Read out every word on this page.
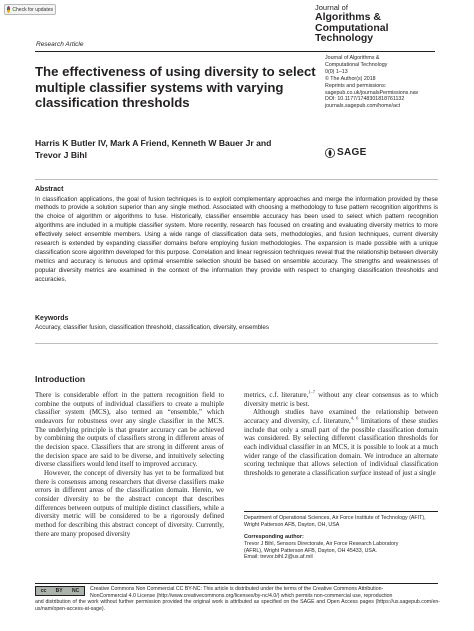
Check for updates	Journal of
Algorithms &
Computational
Technology
Research Article
The effectiveness of using diversity to select multiple classifier systems with varying classification thresholds
Journal of Algorithms &
Computational Technology
0(0) 1–13
© The Author(s) 2018
Reprints and permissions:
sagepub.co.uk/journalsPermissions.nav
DOI: 10.1177/1748301818761132
journals.sagepub.com/home/act
SAGE
Harris K Butler IV, Mark A Friend, Kenneth W Bauer Jr and
Trevor J Bihl
Abstract
In classification applications, the goal of fusion techniques is to exploit complementary approaches and merge the information provided by these methods to provide a solution superior than any single method. Associated with choosing a methodology to fuse pattern recognition algorithms is the choice of algorithm or algorithms to fuse. Historically, classifier ensemble accuracy has been used to select which pattern recognition algorithms are included in a multiple classifier system. More recently, research has focused on creating and evaluating diversity metrics to more effectively select ensemble members. Using a wide range of classification data sets, methodologies, and fusion techniques, current diversity research is extended by expanding classifier domains before employing fusion methodologies. The expansion is made possible with a unique classification score algorithm developed for this purpose. Correlation and linear regression techniques reveal that the relationship between diversity metrics and accuracy is tenuous and optimal ensemble selection should be based on ensemble accuracy. The strengths and weaknesses of popular diversity metrics are examined in the context of the information they provide with respect to changing classification thresholds and accuracies.
Keywords
Accuracy, classifier fusion, classification threshold, classification, diversity, ensembles
Introduction

There is considerable effort in the pattern recognition field to combine the outputs of individual classifiers to create a multiple classifier system (MCS), also termed an “ensemble,” which endeavors for robustness over any single classifier in the MCS. The underlying principle is that greater accuracy can be achieved by combining the outputs of classifiers strong in different areas of the decision space. Classifiers that are strong in different areas of the decision space are said to be diverse, and intuitively selecting diverse classifiers would lend itself to improved accuracy.

However, the concept of diversity has yet to be formalized but there is consensus among researchers that diverse classifiers make errors in different areas of the classification domain. Herein, we consider diversity to be the abstract concept that describes differences between outputs of multiple distinct classifiers, while a diversity metric will be considered to be a rigorously defined method for describing this abstract concept of diversity. Currently, there are many proposed diversity

metrics, c.f. literature,$^{1-7}$ without any clear consensus as to which diversity metric is best.

Although studies have examined the relationship between accuracy and diversity, c.f. literature,$^{4, 6}$ limitations of these studies include that only a small part of the possible classification domain was considered. By selecting different classification thresholds for each individual classifier in an MCS, it is possible to look at a much wider range of the classification domain. We introduce an alternate scoring technique that allows selection of individual classification thresholds to generate a classification surface instead of just a single

Department of Operational Sciences, Air Force Institute of Technology (AFIT), Wright Patterson AFB, Dayton, OH, USA
Corresponding author:
Trevor J Bihl, Sensors Directorate, Air Force Research Laboratory
(AFRL), Wright Patterson AFB, Dayton, OH 45433, USA.
Email: trevor.bihl.2@us.af.mil
cc BY NC Creative Commons Non Commercial CC BY-NC: This article is distributed under the terms of the Creative Commons Attribution-
NonCommercial 4.0 License (http://www.creativecommons.org/licenses/by-nc/4.0/) which permits non-commercial use, reproduction
and distribution of the work without further permission provided the original work is attributed as specified on the SAGE and Open Access pages (https://us.sagepub.com/en-us/nam/open-access-at-sage).
